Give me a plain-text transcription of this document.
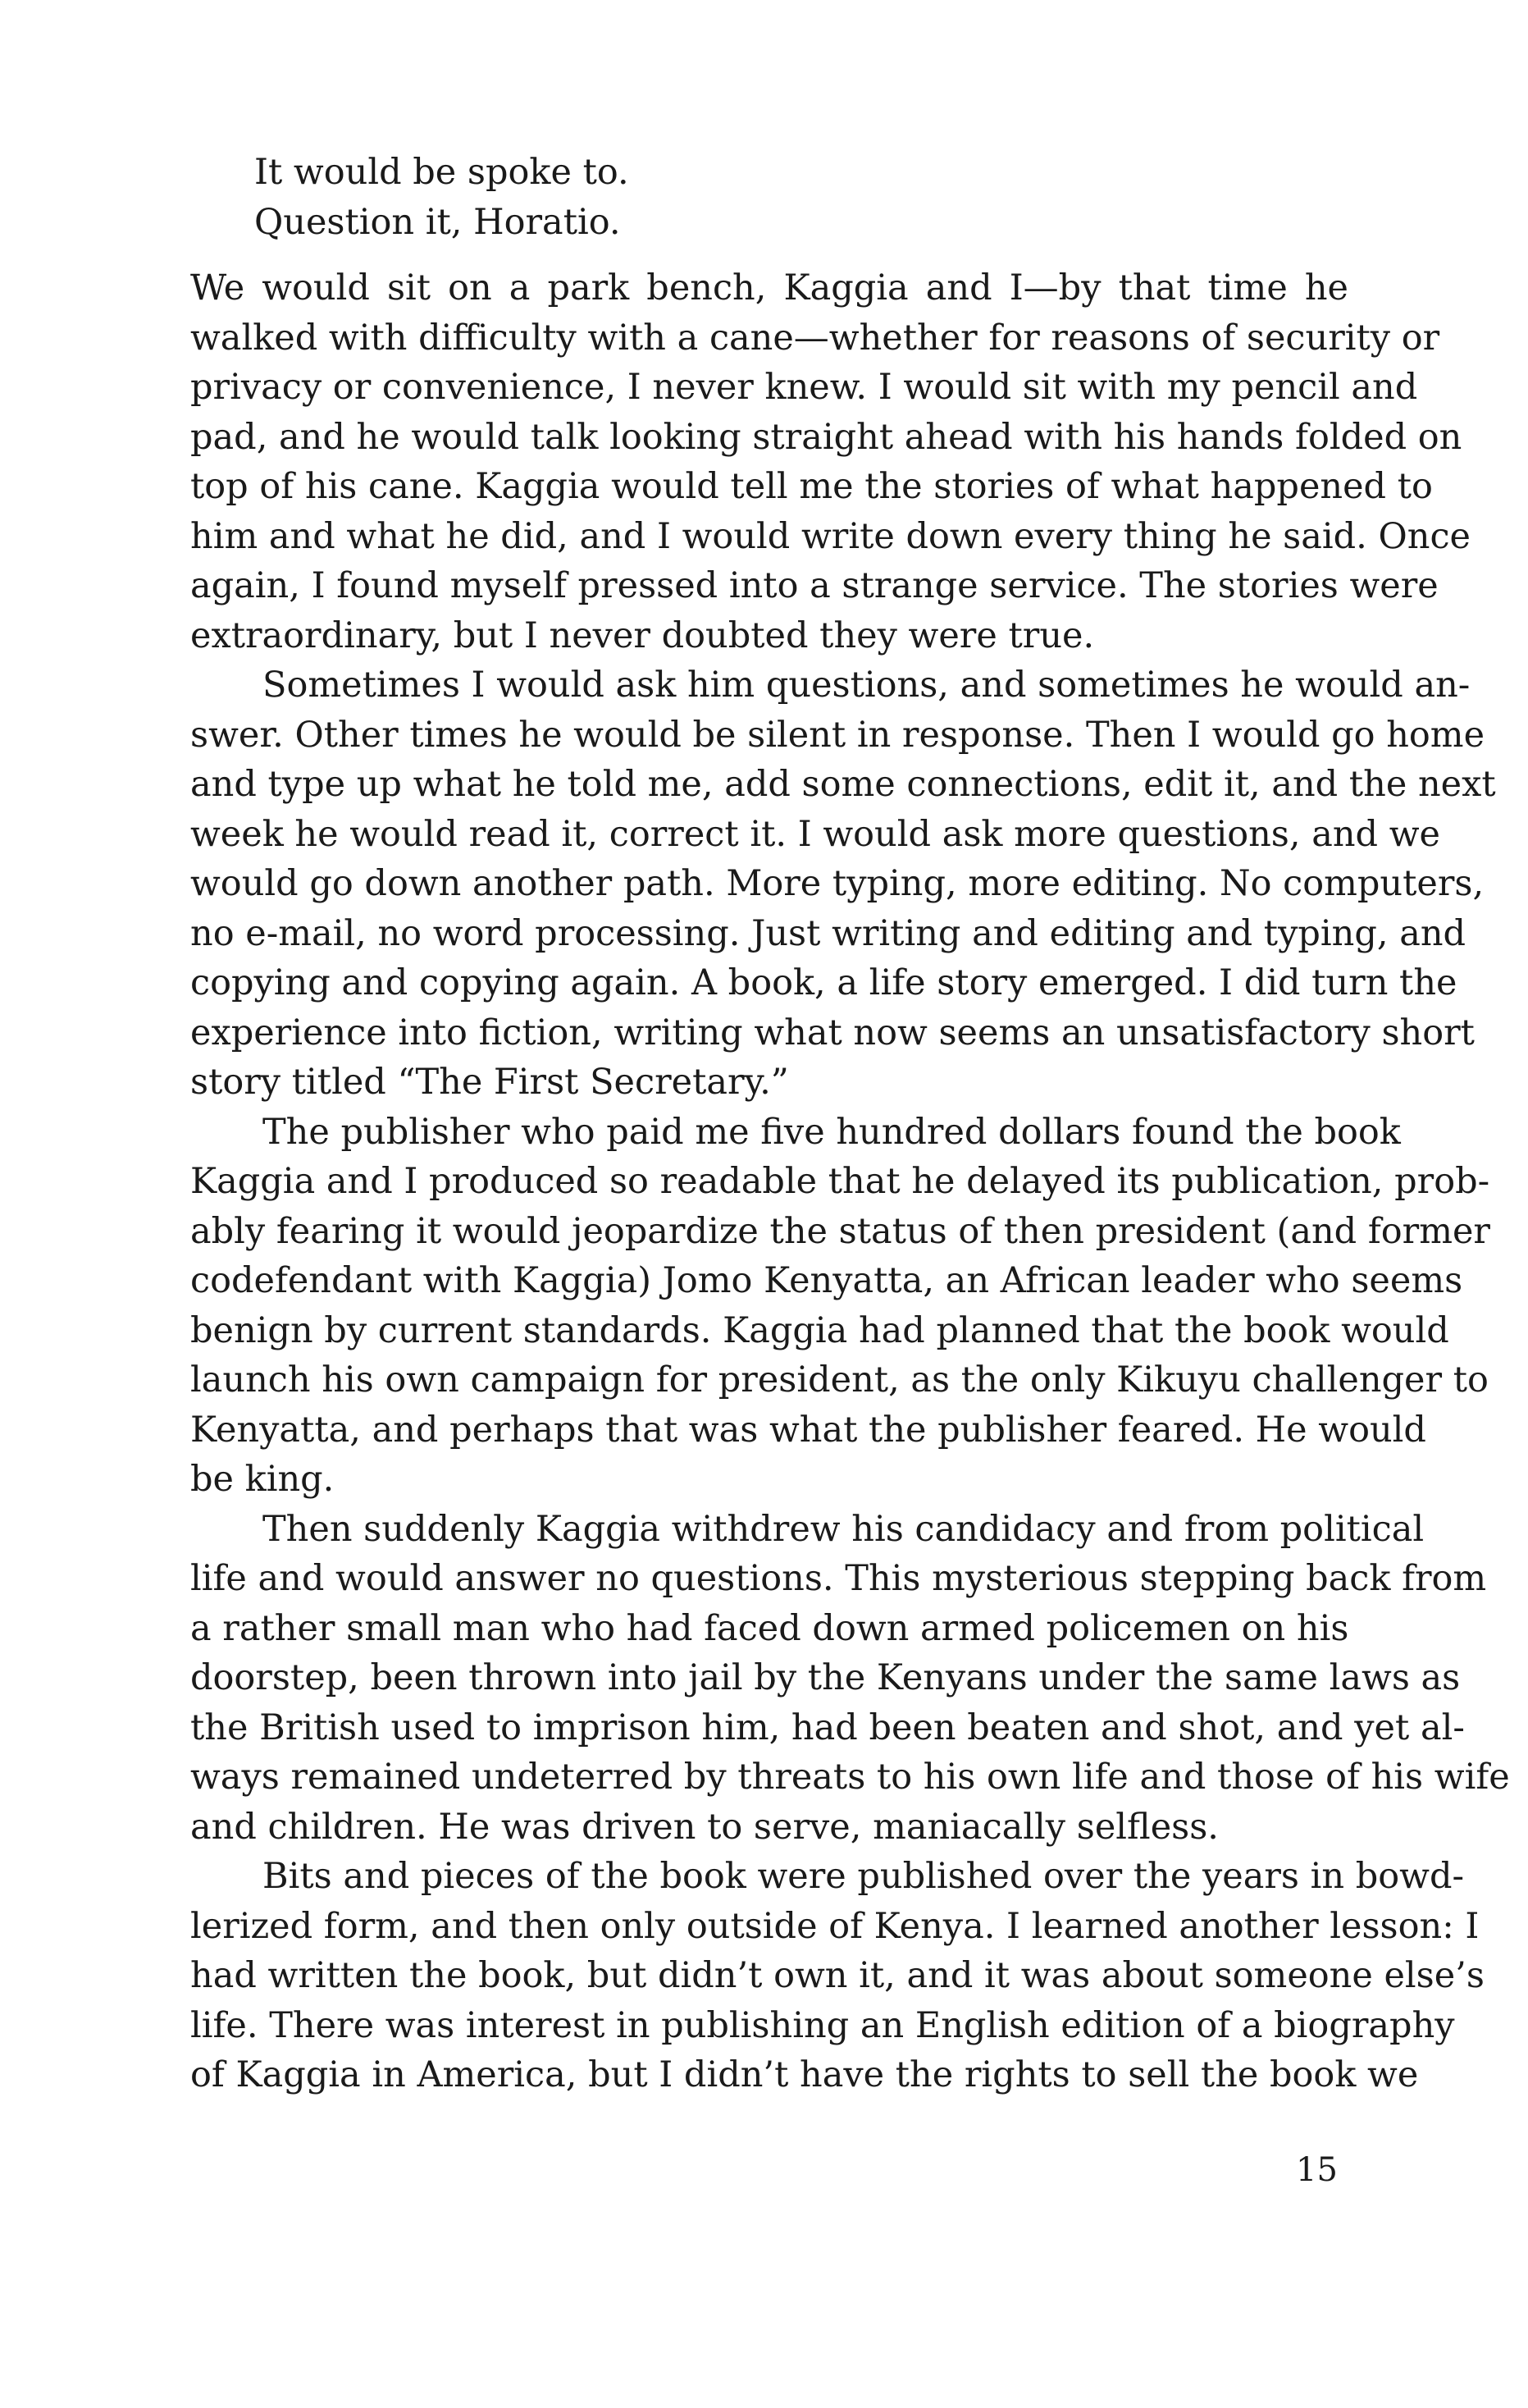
It would be spoke to.
Question it, Horatio.
We would sit on a park bench, Kaggia and I—by that time he
walked with difficulty with a cane—whether for reasons of security or
privacy or convenience, I never knew. I would sit with my pencil and
pad, and he would talk looking straight ahead with his hands folded on
top of his cane. Kaggia would tell me the stories of what happened to
him and what he did, and I would write down every thing he said. Once
again, I found myself pressed into a strange service. The stories were
extraordinary, but I never doubted they were true.
Sometimes I would ask him questions, and sometimes he would an-
swer. Other times he would be silent in response. Then I would go home
and type up what he told me, add some connections, edit it, and the next
week he would read it, correct it. I would ask more questions, and we
would go down another path. More typing, more editing. No computers,
no e-mail, no word processing. Just writing and editing and typing, and
copying and copying again. A book, a life story emerged. I did turn the
experience into fiction, writing what now seems an unsatisfactory short
story titled “The First Secretary.”
The publisher who paid me five hundred dollars found the book
Kaggia and I produced so readable that he delayed its publication, prob-
ably fearing it would jeopardize the status of then president (and former
codefendant with Kaggia) Jomo Kenyatta, an African leader who seems
benign by current standards. Kaggia had planned that the book would
launch his own campaign for president, as the only Kikuyu challenger to
Kenyatta, and perhaps that was what the publisher feared. He would
be king.
Then suddenly Kaggia withdrew his candidacy and from political
life and would answer no questions. This mysterious stepping back from
a rather small man who had faced down armed policemen on his
doorstep, been thrown into jail by the Kenyans under the same laws as
the British used to imprison him, had been beaten and shot, and yet al-
ways remained undeterred by threats to his own life and those of his wife
and children. He was driven to serve, maniacally selfless.
Bits and pieces of the book were published over the years in bowd-
lerized form, and then only outside of Kenya. I learned another lesson: I
had written the book, but didn’t own it, and it was about someone else’s
life. There was interest in publishing an English edition of a biography
of Kaggia in America, but I didn’t have the rights to sell the book we
15
